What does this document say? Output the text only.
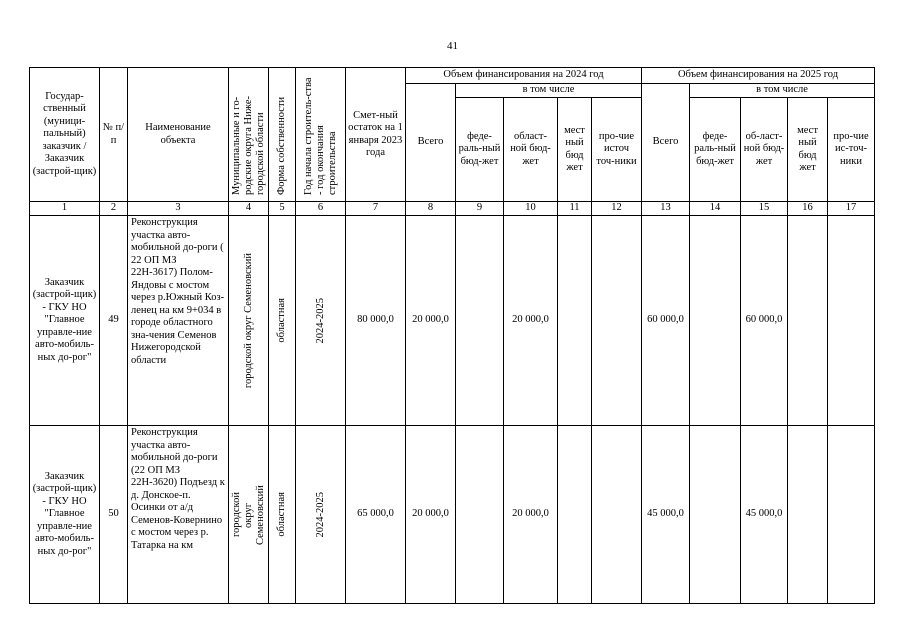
41
Государ-ственный (муници-пальный) заказчик / Заказчик (застрой-щик)	№ п/п	Наименование объекта	Муниципальные и го-родские округа Ниже-городской области	Форма собственности	Год начала строитель-ства - год окончания строительства	Смет-ный остаток на 1 января 2023 года	Объем финансирования на 2024 год					Объем финансирования на 2025 год				
							Всего	в том числе				Всего	в том числе			
								феде-раль-ный бюд-жет	област-ной бюд-жет	мест ный бюд жет	про-чие источ точ-ники		феде-раль-ный бюд-жет	об-ласт-ной бюд-жет	мест ный бюд жет	про-чие ис-точ-ники
1	2	3	4	5	6	7	8	9	10	11	12	13	14	15	16	17
Заказчик (застрой-щик) - ГКУ НО "Главное управле-ние авто-мобиль-ных до-рог"	49	Реконструкция участка авто-мобильной до-роги ( 22 ОП МЗ 22Н-3617) Полом-Яндовы с мостом через р.Южный Коз-ленец на км 9+034 в городе областного зна-чения Семенов Нижегородской области	городской округ Семеновский	областная	2024-2025	80 000,0	20 000,0		20 000,0			60 000,0		60 000,0		
Заказчик (застрой-щик) - ГКУ НО "Главное управле-ние авто-мобиль-ных до-рог"	50	Реконструкция участка авто-мобильной до-роги (22 ОП МЗ 22Н-3620) Подъезд к д. Донское-п. Осинки от а/д Семенов-Ковернино с мостом через р. Татарка на км	городской округ Семеновский	областная	2024-2025	65 000,0	20 000,0		20 000,0			45 000,0		45 000,0		
